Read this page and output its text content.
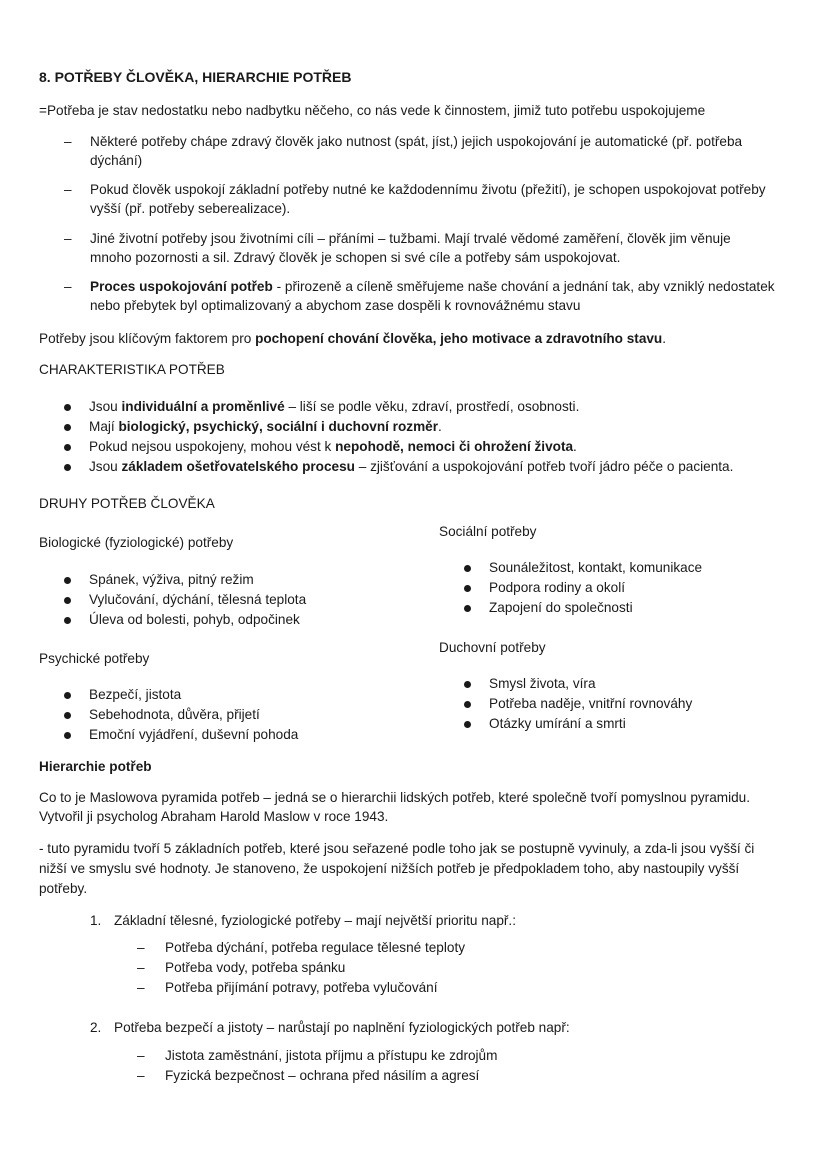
8. POTŘEBY ČLOVĚKA, HIERARCHIE POTŘEB
=Potřeba je stav nedostatku nebo nadbytku něčeho, co nás vede k činnostem, jimiž tuto potřebu uspokojujeme
–	Některé potřeby chápe zdravý člověk jako nutnost (spát, jíst,) jejich uspokojování je automatické (př. potřeba
dýchání)
–	Pokud člověk uspokojí základní potřeby nutné ke každodennímu životu (přežití), je schopen uspokojovat potřeby
vyšší (př. potřeby seberealizace).
–	Jiné životní potřeby jsou životními cíli – přáními – tužbami. Mají trvalé vědomé zaměření, člověk jim věnuje
mnoho pozornosti a sil. Zdravý člověk je schopen si své cíle a potřeby sám uspokojovat.
–	Proces uspokojování potřeb - přirozeně a cíleně směřujeme naše chování a jednání tak, aby vzniklý nedostatek
nebo přebytek byl optimalizovaný a abychom zase dospěli k rovnovážnému stavu
Potřeby jsou klíčovým faktorem pro pochopení chování člověka, jeho motivace a zdravotního stavu.
CHARAKTERISTIKA POTŘEB
Jsou individuální a proměnlivé – liší se podle věku, zdraví, prostředí, osobnosti.
Mají biologický, psychický, sociální i duchovní rozměr.
Pokud nejsou uspokojeny, mohou vést k nepohodě, nemoci či ohrožení života.
Jsou základem ošetřovatelského procesu – zjišťování a uspokojování potřeb tvoří jádro péče o pacienta.
DRUHY POTŘEB ČLOVĚKA
Biologické (fyziologické) potřeby
Spánek, výživa, pitný režim
Vylučování, dýchání, tělesná teplota
Úleva od bolesti, pohyb, odpočinek
Psychické potřeby
Bezpečí, jistota
Sebehodnota, důvěra, přijetí
Emoční vyjádření, duševní pohoda
Sociální potřeby
Sounáležitost, kontakt, komunikace
Podpora rodiny a okolí
Zapojení do společnosti
Duchovní potřeby
Smysl života, víra
Potřeba naděje, vnitřní rovnováhy
Otázky umírání a smrti
Hierarchie potřeb
Co to je Maslowova pyramida potřeb – jedná se o hierarchii lidských potřeb, které společně tvoří pomyslnou pyramidu.
Vytvořil ji psycholog Abraham Harold Maslow v roce 1943.
- tuto pyramidu tvoří 5 základních potřeb, které jsou seřazené podle toho jak se postupně vyvinuly, a zda-li jsou vyšší či
nižší ve smyslu své hodnoty. Je stanoveno, že uspokojení nižších potřeb je předpokladem toho, aby nastoupily vyšší
potřeby.
1. Základní tělesné, fyziologické potřeby – mají největší prioritu např.:
– Potřeba dýchání, potřeba regulace tělesné teploty
– Potřeba vody, potřeba spánku
– Potřeba přijímání potravy, potřeba vylučování
2. Potřeba bezpečí a jistoty – narůstají po naplnění fyziologických potřeb např:
– Jistota zaměstnání, jistota příjmu a přístupu ke zdrojům
– Fyzická bezpečnost – ochrana před násilím a agresí
